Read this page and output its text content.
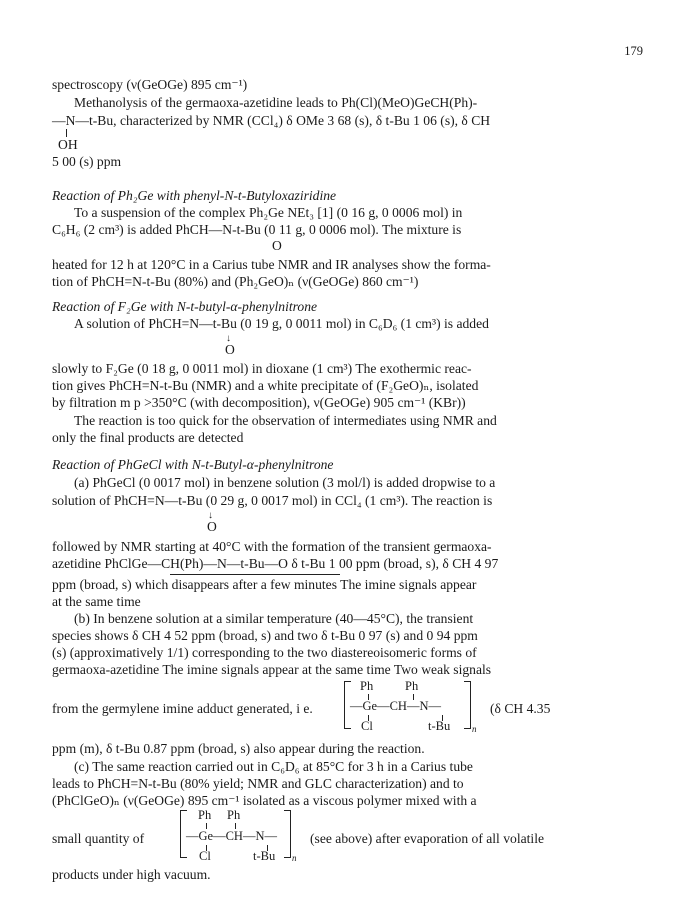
179
spectroscopy (ν(GeOGe) 895 cm⁻¹)
Methanolysis of the germaoxa-azetidine leads to Ph(Cl)(MeO)GeCH(Ph)-
—N—t-Bu, characterized by NMR (CCl₄) δ OMe 3 68 (s), δ t-Bu 1 06 (s), δ CH
OH
5 00 (s) ppm
Reaction of Ph₂Ge with phenyl-N-t-Butyloxaziridine
To a suspension of the complex Ph₂Ge NEt₃ [1] (0 16 g, 0 0006 mol) in
C₆H₆ (2 cm³) is added PhCH—N-t-Bu (0 11 g, 0 0006 mol). The mixture is
O
heated for 12 h at 120°C in a Carius tube NMR and IR analyses show the forma-
tion of PhCH=N-t-Bu (80%) and (Ph₂GeO)ₙ (ν(GeOGe) 860 cm⁻¹)
Reaction of F₂Ge with N-t-butyl-α-phenylnitrone
A solution of PhCH=N—t-Bu (0 19 g, 0 0011 mol) in C₆D₆ (1 cm³) is added
↓
O
slowly to F₂Ge (0 18 g, 0 0011 mol) in dioxane (1 cm³) The exothermic reac-
tion gives PhCH=N-t-Bu (NMR) and a white precipitate of (F₂GeO)ₙ, isolated
by filtration m p >350°C (with decomposition), ν(GeOGe) 905 cm⁻¹ (KBr))
The reaction is too quick for the observation of intermediates using NMR and
only the final products are detected
Reaction of PhGeCl with N-t-Butyl-α-phenylnitrone
(a) PhGeCl (0 0017 mol) in benzene solution (3 mol/l) is added dropwise to a
solution of PhCH=N—t-Bu (0 29 g, 0 0017 mol) in CCl₄ (1 cm³). The reaction is
↓
O
followed by NMR starting at 40°C with the formation of the transient germaoxa-
azetidine PhClGe—CH(Ph)—N—t-Bu—O δ t-Bu 1 00 ppm (broad, s), δ CH 4 97
ppm (broad, s) which disappears after a few minutes The imine signals appear
at the same time
(b) In benzene solution at a similar temperature (40—45°C), the transient
species shows δ CH 4 52 ppm (broad, s) and two δ t-Bu 0 97 (s) and 0 94 ppm
(s) (approximatively 1/1) corresponding to the two diastereoisomeric forms of
germaoxa-azetidine The imine signals appear at the same time Two weak signals
from the germylene imine adduct generated, i e.
Ph	Ph
—Ge—CH—N—
Cl	t-Bu n
(δ CH 4.35
ppm (m), δ t-Bu 0.87 ppm (broad, s) also appear during the reaction.
(c) The same reaction carried out in C₆D₆ at 85°C for 3 h in a Carius tube
leads to PhCH=N-t-Bu (80% yield; NMR and GLC characterization) and to
(PhClGeO)ₙ (ν(GeOGe) 895 cm⁻¹ isolated as a viscous polymer mixed with a
small quantity of
Ph Ph
—Ge—CH—N—
Cl	t-Bu n
(see above) after evaporation of all volatile
products under high vacuum.
